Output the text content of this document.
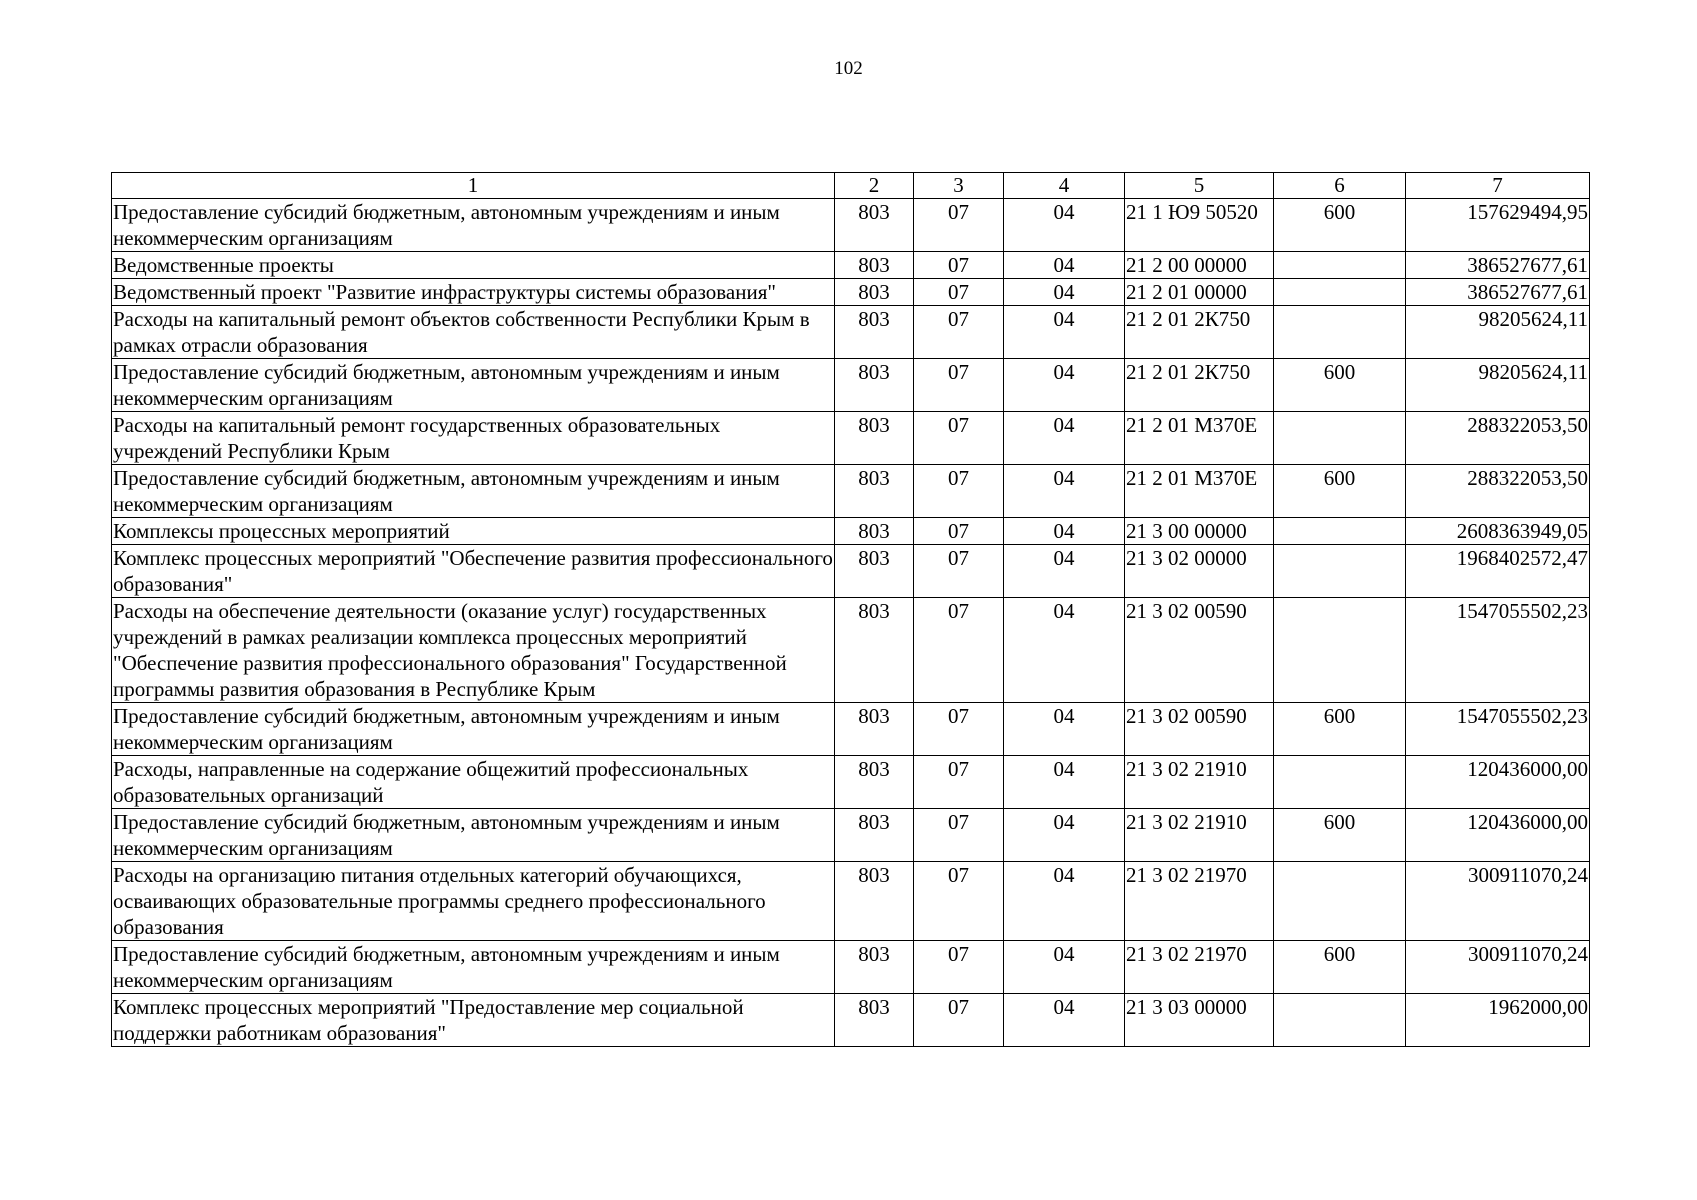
102
1	2	3	4	5	6	7
Предоставление субсидий бюджетным, автономным учреждениям и иным некоммерческим организациям	803	07	04	21 1 Ю9 50520	600	157629494,95
Ведомственные проекты	803	07	04	21 2 00 00000		386527677,61
Ведомственный проект "Развитие инфраструктуры системы образования"	803	07	04	21 2 01 00000		386527677,61
Расходы на капитальный ремонт объектов собственности Республики Крым в рамках отрасли образования	803	07	04	21 2 01 2К750		98205624,11
Предоставление субсидий бюджетным, автономным учреждениям и иным некоммерческим организациям	803	07	04	21 2 01 2К750	600	98205624,11
Расходы на капитальный ремонт государственных образовательных учреждений Республики Крым	803	07	04	21 2 01 М370Е		288322053,50
Предоставление субсидий бюджетным, автономным учреждениям и иным некоммерческим организациям	803	07	04	21 2 01 М370Е	600	288322053,50
Комплексы процессных мероприятий	803	07	04	21 3 00 00000		2608363949,05
Комплекс процессных мероприятий "Обеспечение развития профессионального образования"	803	07	04	21 3 02 00000		1968402572,47
Расходы на обеспечение деятельности (оказание услуг) государственных учреждений в рамках реализации комплекса процессных мероприятий "Обеспечение развития профессионального образования" Государственной программы развития образования в Республике Крым	803	07	04	21 3 02 00590		1547055502,23
Предоставление субсидий бюджетным, автономным учреждениям и иным некоммерческим организациям	803	07	04	21 3 02 00590	600	1547055502,23
Расходы, направленные на содержание общежитий профессиональных образовательных организаций	803	07	04	21 3 02 21910		120436000,00
Предоставление субсидий бюджетным, автономным учреждениям и иным некоммерческим организациям	803	07	04	21 3 02 21910	600	120436000,00
Расходы на организацию питания отдельных категорий обучающихся, осваивающих образовательные программы среднего профессионального образования	803	07	04	21 3 02 21970		300911070,24
Предоставление субсидий бюджетным, автономным учреждениям и иным некоммерческим организациям	803	07	04	21 3 02 21970	600	300911070,24
Комплекс процессных мероприятий "Предоставление мер социальной поддержки работникам образования"	803	07	04	21 3 03 00000		1962000,00
